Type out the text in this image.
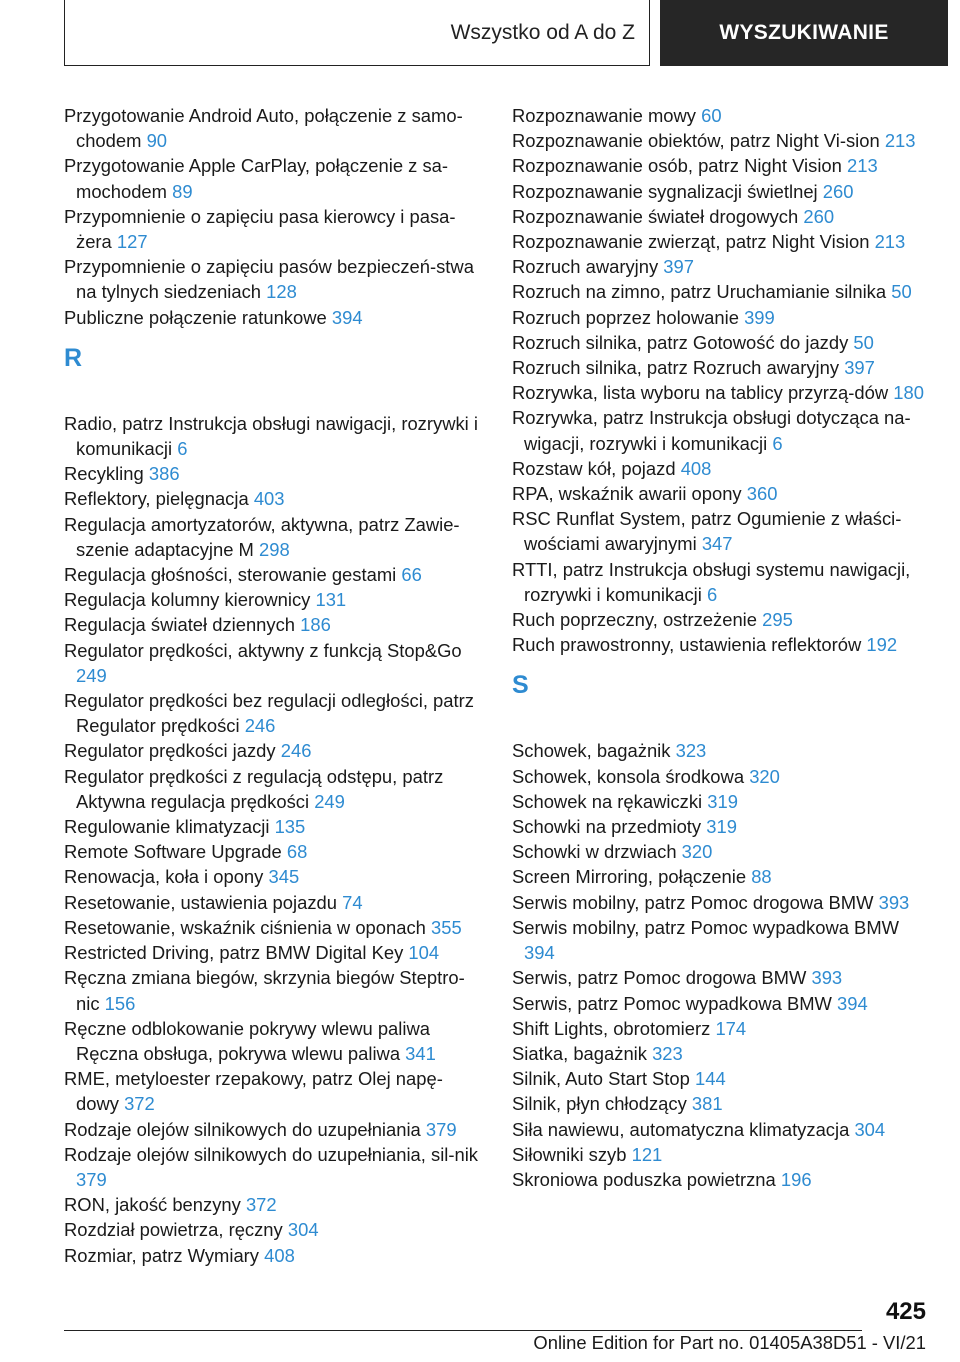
Wszystko od A do Z	WYSZUKIWANIE
Przygotowanie Android Auto, połączenie z samo‐chodem 90
Przygotowanie Apple CarPlay, połączenie z sa‐mochodem 89
Przypomnienie o zapięciu pasa kierowcy i pasa‐żera 127
Przypomnienie o zapięciu pasów bezpieczeń‐stwa na tylnych siedzeniach 128
Publiczne połączenie ratunkowe 394
R
Radio, patrz Instrukcja obsługi nawigacji, rozrywki i komunikacji 6
Recykling 386
Reflektory, pielęgnacja 403
Regulacja amortyzatorów, aktywna, patrz Zawie‐szenie adaptacyjne M 298
Regulacja głośności, sterowanie gestami 66
Regulacja kolumny kierownicy 131
Regulacja świateł dziennych 186
Regulator prędkości, aktywny z funkcją Stop&Go 249
Regulator prędkości bez regulacji odległości, patrz Regulator prędkości 246
Regulator prędkości jazdy 246
Regulator prędkości z regulacją odstępu, patrz Aktywna regulacja prędkości 249
Regulowanie klimatyzacji 135
Remote Software Upgrade 68
Renowacja, koła i opony 345
Resetowanie, ustawienia pojazdu 74
Resetowanie, wskaźnik ciśnienia w oponach 355
Restricted Driving, patrz BMW Digital Key 104
Ręczna zmiana biegów, skrzynia biegów Steptro‐nic 156
Ręczne odblokowanie pokrywy wlewu paliwa Ręczna obsługa, pokrywa wlewu paliwa 341
RME, metyloester rzepakowy, patrz Olej napę‐dowy 372
Rodzaje olejów silnikowych do uzupełniania 379
Rodzaje olejów silnikowych do uzupełniania, sil‐nik 379
RON, jakość benzyny 372
Rozdział powietrza, ręczny 304
Rozmiar, patrz Wymiary 408
Rozpoznawanie mowy 60
Rozpoznawanie obiektów, patrz Night Vi‐sion 213
Rozpoznawanie osób, patrz Night Vision 213
Rozpoznawanie sygnalizacji świetlnej 260
Rozpoznawanie świateł drogowych 260
Rozpoznawanie zwierząt, patrz Night Vision 213
Rozruch awaryjny 397
Rozruch na zimno, patrz Uruchamianie silnika 50
Rozruch poprzez holowanie 399
Rozruch silnika, patrz Gotowość do jazdy 50
Rozruch silnika, patrz Rozruch awaryjny 397
Rozrywka, lista wyboru na tablicy przyrzą‐dów 180
Rozrywka, patrz Instrukcja obsługi dotycząca na‐wigacji, rozrywki i komunikacji 6
Rozstaw kół, pojazd 408
RPA, wskaźnik awarii opony 360
RSC Runflat System, patrz Ogumienie z właści‐wościami awaryjnymi 347
RTTI, patrz Instrukcja obsługi systemu nawigacji, rozrywki i komunikacji 6
Ruch poprzeczny, ostrzeżenie 295
Ruch prawostronny, ustawienia reflektorów 192
S
Schowek, bagażnik 323
Schowek, konsola środkowa 320
Schowek na rękawiczki 319
Schowki na przedmioty 319
Schowki w drzwiach 320
Screen Mirroring, połączenie 88
Serwis mobilny, patrz Pomoc drogowa BMW 393
Serwis mobilny, patrz Pomoc wypadkowa BMW 394
Serwis, patrz Pomoc drogowa BMW 393
Serwis, patrz Pomoc wypadkowa BMW 394
Shift Lights, obrotomierz 174
Siatka, bagażnik 323
Silnik, Auto Start Stop 144
Silnik, płyn chłodzący 381
Siła nawiewu, automatyczna klimatyzacja 304
Siłowniki szyb 121
Skroniowa poduszka powietrzna 196
425
Online Edition for Part no. 01405A38D51 - VI/21
